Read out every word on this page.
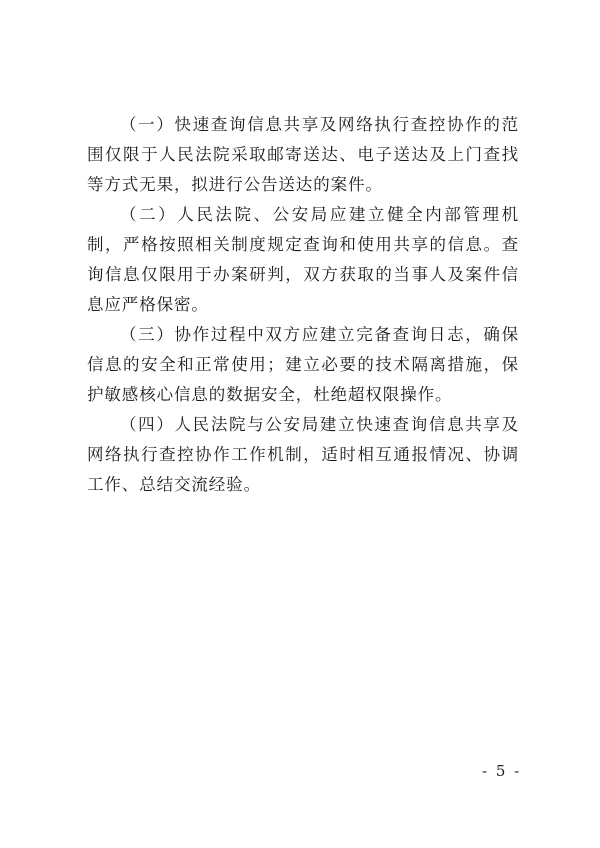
（一）快速查询信息共享及网络执行查控协作的范围仅限于人民法院采取邮寄送达、电子送达及上门查找等方式无果，拟进行公告送达的案件。

（二）人民法院、公安局应建立健全内部管理机制，严格按照相关制度规定查询和使用共享的信息。查询信息仅限用于办案研判，双方获取的当事人及案件信息应严格保密。

（三）协作过程中双方应建立完备查询日志，确保信息的安全和正常使用；建立必要的技术隔离措施，保护敏感核心信息的数据安全，杜绝超权限操作。

（四）人民法院与公安局建立快速查询信息共享及网络执行查控协作工作机制，适时相互通报情况、协调工作、总结交流经验。

- 5 -
